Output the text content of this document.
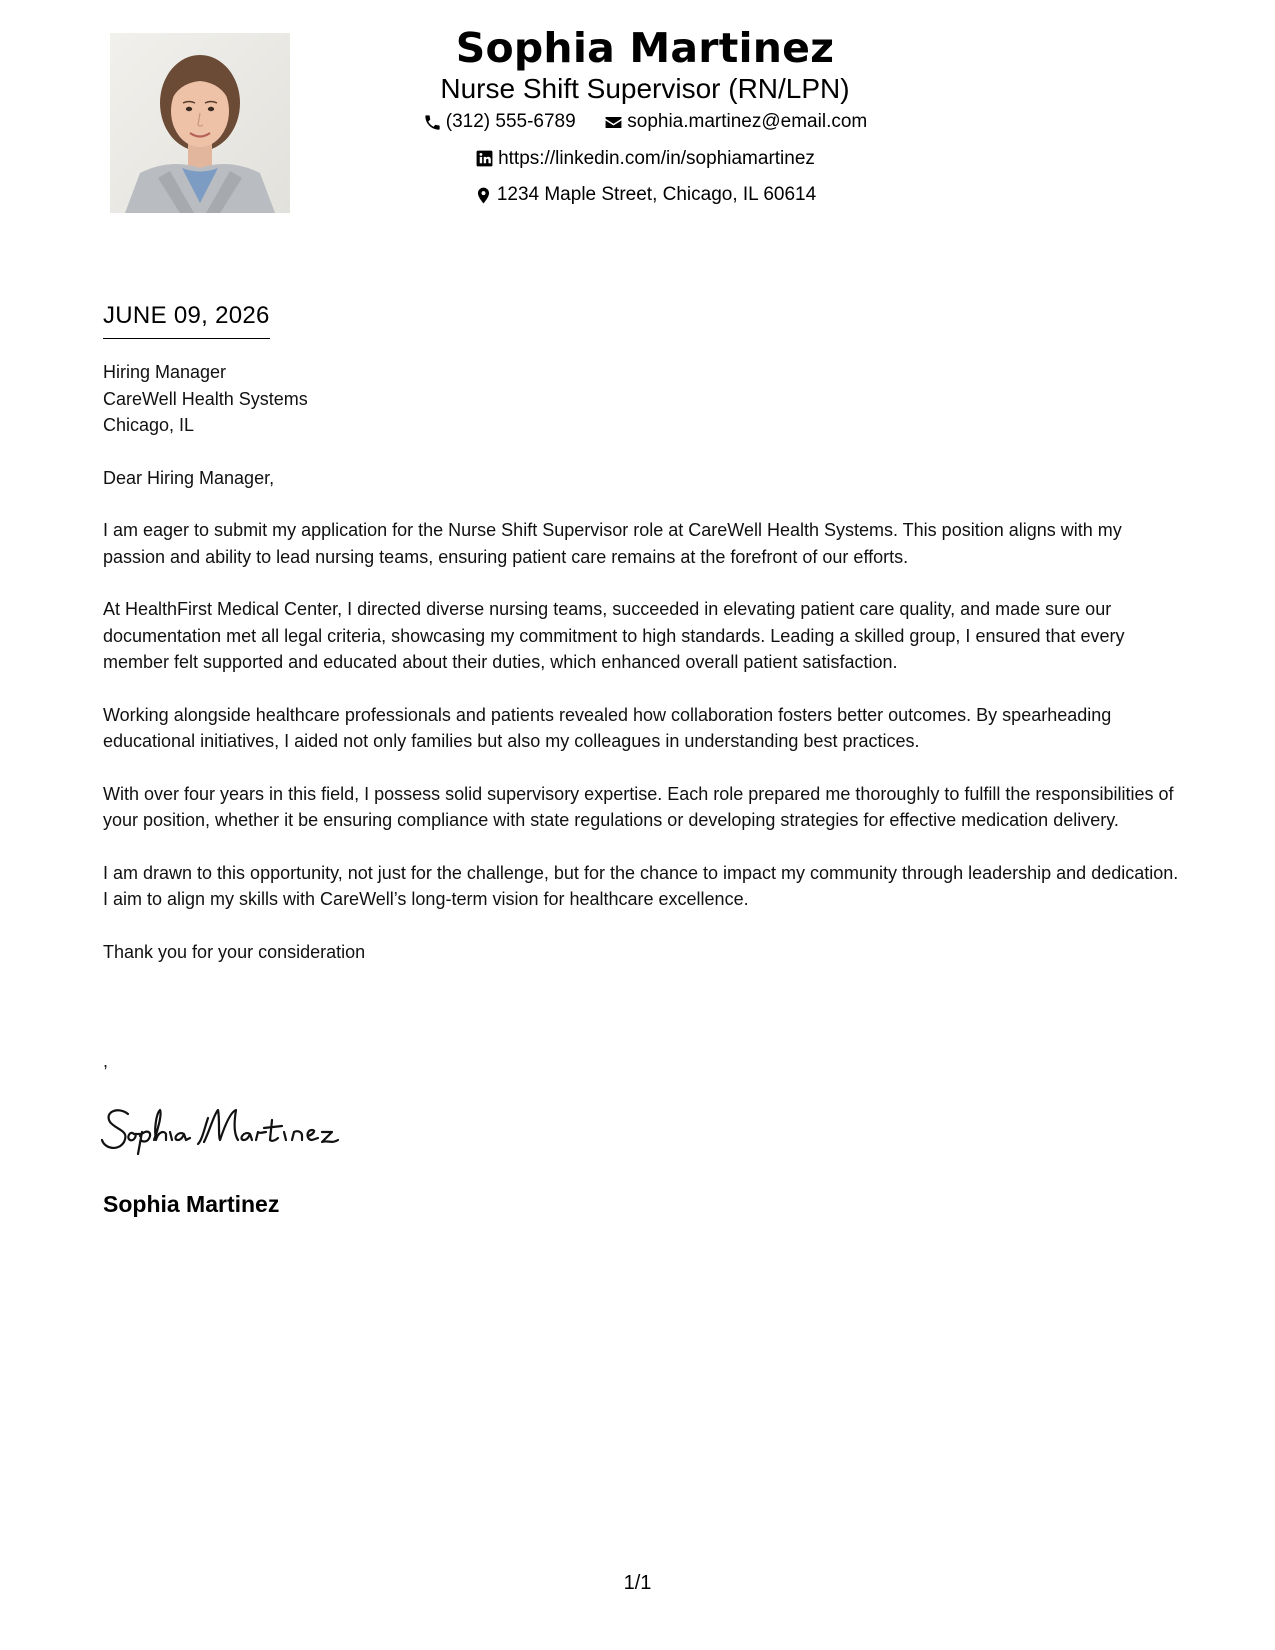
Sophia Martinez
Nurse Shift Supervisor (RN/LPN)
(312) 555-6789
	sophia.martinez@email.com
https://linkedin.com/in/sophiamartinez
1234 Maple Street, Chicago, IL 60614
JUNE 09, 2026
Hiring Manager
CareWell Health Systems
Chicago, IL
Dear Hiring Manager,

I am eager to submit my application for the Nurse Shift Supervisor role at CareWell Health Systems. This position aligns with my passion and ability to lead nursing teams, ensuring patient care remains at the forefront of our efforts.

At HealthFirst Medical Center, I directed diverse nursing teams, succeeded in elevating patient care quality, and made sure our documentation met all legal criteria, showcasing my commitment to high standards. Leading a skilled group, I ensured that every member felt supported and educated about their duties, which enhanced overall patient satisfaction.

Working alongside healthcare professionals and patients revealed how collaboration fosters better outcomes. By spearheading educational initiatives, I aided not only families but also my colleagues in understanding best practices.

With over four years in this field, I possess solid supervisory expertise. Each role prepared me thoroughly to fulfill the responsibilities of your position, whether it be ensuring compliance with state regulations or developing strategies for effective medication delivery.

I am drawn to this opportunity, not just for the challenge, but for the chance to impact my community through leadership and dedication. I aim to align my skills with CareWell’s long-term vision for healthcare excellence.

Thank you for your consideration
,
Sophia Martinez
1/1
